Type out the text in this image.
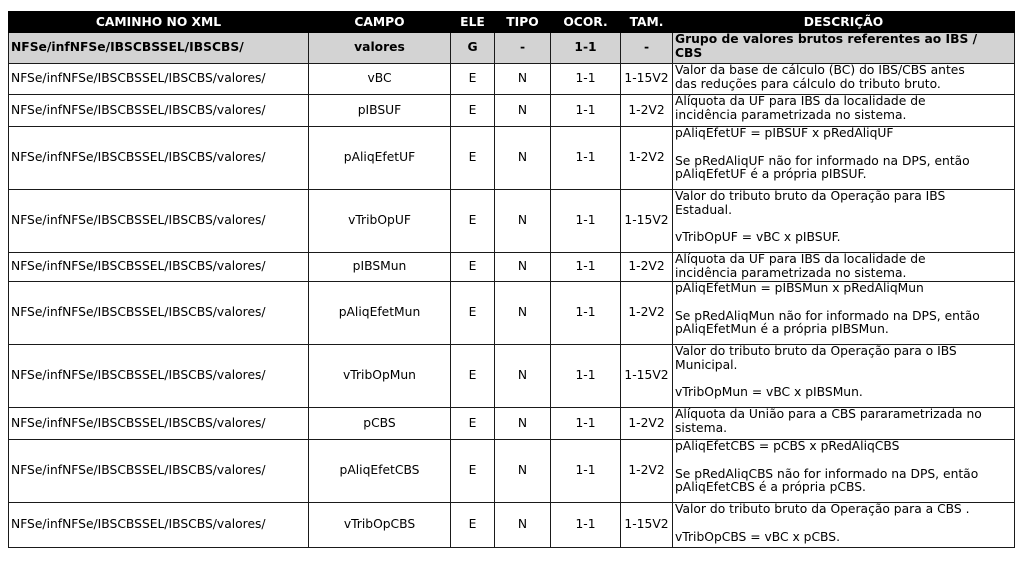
CAMINHO NO XML	CAMPO	ELE	TIPO	OCOR.	TAM.	DESCRIÇÃO
NFSe/infNFSe/IBSCBSSEL/IBSCBS/	valores	G	-	1-1	-	Grupo de valores brutos referentes ao IBS /
CBS

NFSe/infNFSe/IBSCBSSEL/IBSCBS/valores/	vBC	E	N	1-1	1-15V2	Valor da base de cálculo (BC) do IBS/CBS antes
das reduções para cálculo do tributo bruto.

NFSe/infNFSe/IBSCBSSEL/IBSCBS/valores/	pIBSUF	E	N	1-1	1-2V2	Alíquota da UF para IBS da localidade de
incidência parametrizada no sistema.

NFSe/infNFSe/IBSCBSSEL/IBSCBS/valores/	pAliqEfetUF	E	N	1-1	1-2V2	pAliqEfetUF = pIBSUF x pRedAliqUF
Se pRedAliqUF não for informado na DPS, então
pAliqEfetUF é a própria pIBSUF.

NFSe/infNFSe/IBSCBSSEL/IBSCBS/valores/	vTribOpUF	E	N	1-1	1-15V2	Valor do tributo bruto da Operação para IBS
Estadual.
vTribOpUF = vBC x pIBSUF.

NFSe/infNFSe/IBSCBSSEL/IBSCBS/valores/	pIBSMun	E	N	1-1	1-2V2	Alíquota da UF para IBS da localidade de
incidência parametrizada no sistema.

NFSe/infNFSe/IBSCBSSEL/IBSCBS/valores/	pAliqEfetMun	E	N	1-1	1-2V2	pAliqEfetMun = pIBSMun x pRedAliqMun
Se pRedAliqMun não for informado na DPS, então
pAliqEfetMun é a própria pIBSMun.

NFSe/infNFSe/IBSCBSSEL/IBSCBS/valores/	vTribOpMun	E	N	1-1	1-15V2	Valor do tributo bruto da Operação para o IBS
Municipal.
vTribOpMun = vBC x pIBSMun.

NFSe/infNFSe/IBSCBSSEL/IBSCBS/valores/	pCBS	E	N	1-1	1-2V2	Alíquota da União para a CBS pararametrizada no
sistema.

NFSe/infNFSe/IBSCBSSEL/IBSCBS/valores/	pAliqEfetCBS	E	N	1-1	1-2V2	pAliqEfetCBS = pCBS x pRedAliqCBS
Se pRedAliqCBS não for informado na DPS, então
pAliqEfetCBS é a própria pCBS.

NFSe/infNFSe/IBSCBSSEL/IBSCBS/valores/	vTribOpCBS	E	N	1-1	1-15V2	Valor do tributo bruto da Operação para a CBS .
vTribOpCBS = vBC x pCBS.
